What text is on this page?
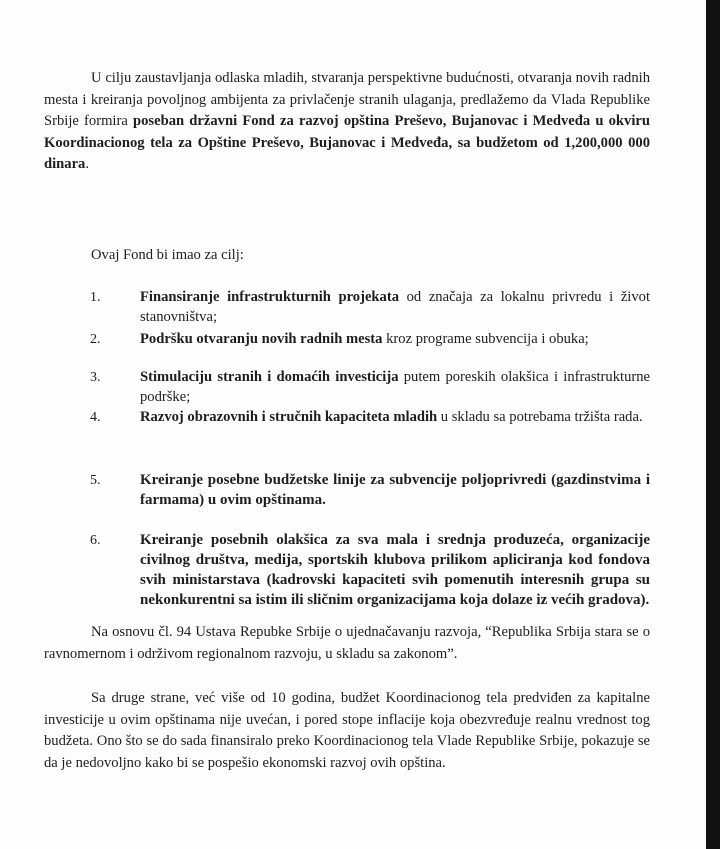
U cilju zaustavljanja odlaska mladih, stvaranja perspektivne budućnosti, otvaranja novih radnih mesta i kreiranja povoljnog ambijenta za privlačenje stranih ulaganja, predlažemo da Vlada Republike Srbije formira poseban državni Fond za razvoj opština Preševo, Bujanovac i Medveđa u okviru Koordinacionog tela za Opštine Preševo, Bujanovac i Medveđa, sa budžetom od 1,200,000 000 dinara.

Ovaj Fond bi imao za cilj:

1.	Finansiranje infrastrukturnih projekata od značaja za lokalnu privredu i život stanovništva;
2.	Podršku otvaranju novih radnih mesta kroz programe subvencija i obuka;
3.	Stimulaciju stranih i domaćih investicija putem poreskih olakšica i infrastrukturne podrške;
4.	Razvoj obrazovnih i stručnih kapaciteta mladih u skladu sa potrebama tržišta rada.
5.	Kreiranje posebne budžetske linije za subvencije poljoprivredi (gazdinstvima i farmama) u ovim opštinama.
6.	Kreiranje posebnih olakšica za sva mala i srednja produzeća, organizacije civilnog društva, medija, sportskih klubova prilikom apliciranja kod fondova svih ministarstava (kadrovski kapaciteti svih pomenutih interesnih grupa su nekonkurentni sa istim ili sličnim organizacijama koja dolaze iz većih gradova).

Na osnovu čl. 94 Ustava Repubke Srbije o ujednačavanju razvoja, “Republika Srbija stara se o ravnomernom i održivom regionalnom razvoju, u skladu sa zakonom”.

Sa druge strane, već više od 10 godina, budžet Koordinacionog tela predviđen za kapitalne investicije u ovim opštinama nije uvećan, i pored stope inflacije koja obezvređuje realnu vrednost tog budžeta. Ono što se do sada finansiralo preko Koordinacionog tela Vlade Republike Srbije, pokazuje se da je nedovoljno kako bi se pospešio ekonomski razvoj ovih opština.
